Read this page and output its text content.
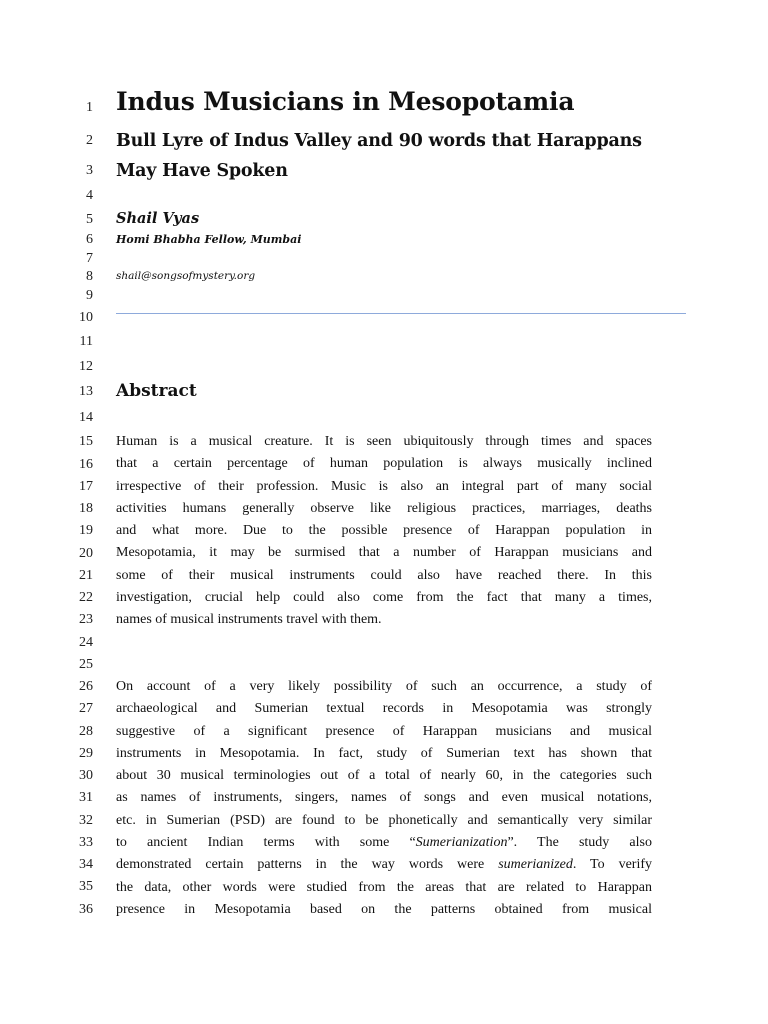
1
2
3
4
5
6
7
8
9
10
11
12
13
14
15
16
17
18
19
20
21
22
23
24
25
26
27
28
29
30
31
32
33
34
35
36
Indus Musicians in Mesopotamia
Bull Lyre of Indus Valley and 90 words that Harappans
May Have Spoken
Shail Vyas
Homi Bhabha Fellow, Mumbai
shail@songsofmystery.org
Abstract
Human is a musical creature. It is seen ubiquitously through times and spaces
that a certain percentage of human population is always musically inclined
irrespective of their profession. Music is also an integral part of many social
activities humans generally observe like religious practices, marriages, deaths
and what more. Due to the possible presence of Harappan population in
Mesopotamia, it may be surmised that a number of Harappan musicians and
some of their musical instruments could also have reached there. In this
investigation, crucial help could also come from the fact that many a times,
names of musical instruments travel with them.
On account of a very likely possibility of such an occurrence, a study of
archaeological and Sumerian textual records in Mesopotamia was strongly
suggestive of a significant presence of Harappan musicians and musical
instruments in Mesopotamia. In fact, study of Sumerian text has shown that
about 30 musical terminologies out of a total of nearly 60, in the categories such
as names of instruments, singers, names of songs and even musical notations,
etc. in Sumerian (PSD) are found to be phonetically and semantically very similar
to ancient Indian terms with some “Sumerianization”. The study also
demonstrated certain patterns in the way words were sumerianized. To verify
the data, other words were studied from the areas that are related to Harappan
presence in Mesopotamia based on the patterns obtained from musical
